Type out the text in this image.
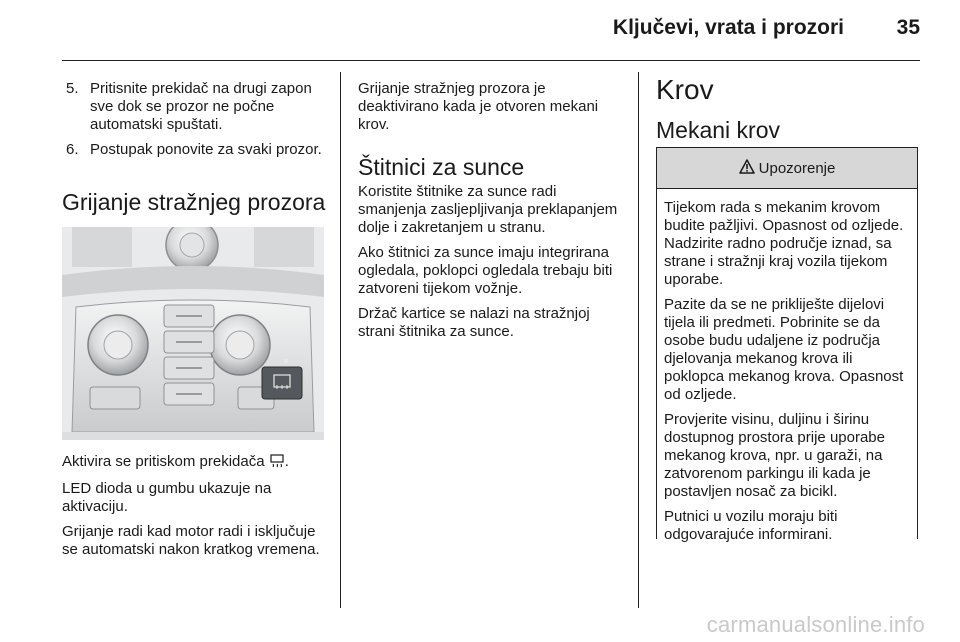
Ključevi, vrata i prozori	35
5. Pritisnite prekidač na drugi zapon sve dok se prozor ne počne automatski spuštati.
6. Postupak ponovite za svaki prozor.
Grijanje stražnjeg prozora

Aktivira se pritiskom prekidača .

LED dioda u gumbu ukazuje na aktivaciju.

Grijanje radi kad motor radi i isključuje se automatski nakon kratkog vremena.

Grijanje stražnjeg prozora je deaktivirano kada je otvoren mekani krov.

Štitnici za sunce

Koristite štitnike za sunce radi smanjenja zasljepljivanja preklapanjem dolje i zakretanjem u stranu.

Ako štitnici za sunce imaju integrirana ogledala, poklopci ogledala trebaju biti zatvoreni tijekom vožnje.

Držač kartice se nalazi na stražnjoj strani štitnika za sunce.

Krov
Mekani krov
Upozorenje

Tijekom rada s mekanim krovom budite pažljivi. Opasnost od ozljede. Nadzirite radno područje iznad, sa strane i stražnji kraj vozila tijekom uporabe.

Pazite da se ne prikliješte dijelovi tijela ili predmeti. Pobrinite se da osobe budu udaljene iz područja djelovanja mekanog krova ili poklopca mekanog krova. Opasnost od ozljede.

Provjerite visinu, duljinu i širinu dostupnog prostora prije uporabe mekanog krova, npr. u garaži, na zatvorenom parkingu ili kada je postavljen nosač za bicikl.

Putnici u vozilu moraju biti odgovarajuće informirani.

carmanualsonline.info
